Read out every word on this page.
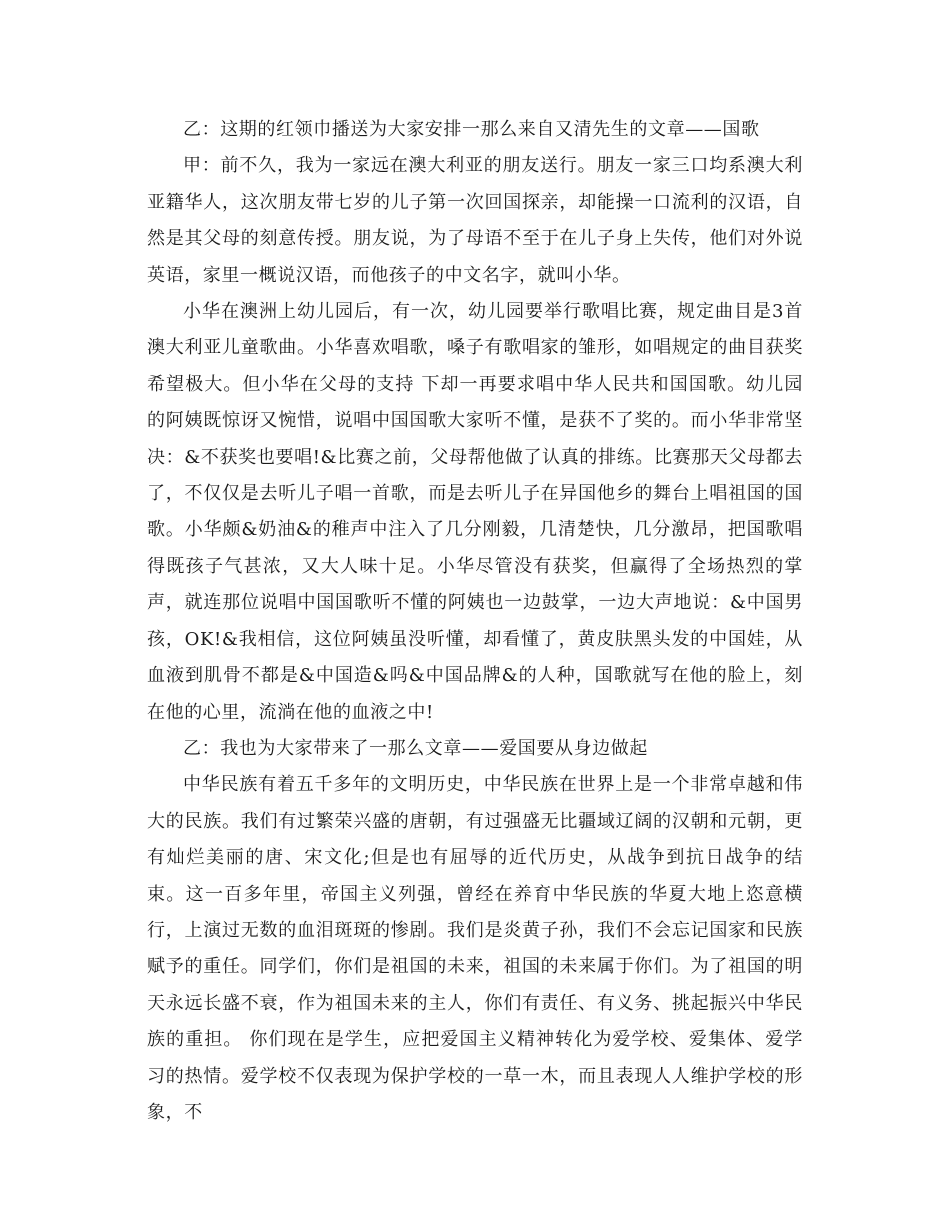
乙：这期的红领巾播送为大家安排一那么来自又清先生的文章——国歌

甲：前不久，我为一家远在澳大利亚的朋友送行。朋友一家三口均系澳大利亚籍华人，这次朋友带七岁的儿子第一次回国探亲，却能操一口流利的汉语，自然是其父母的刻意传授。朋友说，为了母语不至于在儿子身上失传，他们对外说英语，家里一概说汉语，而他孩子的中文名字，就叫小华。

小华在澳洲上幼儿园后，有一次，幼儿园要举行歌唱比赛，规定曲目是3首澳大利亚儿童歌曲。小华喜欢唱歌，嗓子有歌唱家的雏形，如唱规定的曲目获奖希望极大。但小华在父母的支持 下却一再要求唱中华人民共和国国歌。幼儿园的阿姨既惊讶又惋惜，说唱中国国歌大家听不懂，是获不了奖的。而小华非常坚决：&不获奖也要唱!&比赛之前，父母帮他做了认真的排练。比赛那天父母都去了，不仅仅是去听儿子唱一首歌，而是去听儿子在异国他乡的舞台上唱祖国的国歌。小华颇&奶油&的稚声中注入了几分刚毅，几清楚快，几分激昂，把国歌唱得既孩子气甚浓，又大人味十足。小华尽管没有获奖，但赢得了全场热烈的掌声，就连那位说唱中国国歌听不懂的阿姨也一边鼓掌，一边大声地说：&中国男孩，OK!&我相信，这位阿姨虽没听懂，却看懂了，黄皮肤黑头发的中国娃，从血液到肌骨不都是&中国造&吗&中国品牌&的人种，国歌就写在他的脸上，刻在他的心里，流淌在他的血液之中!

乙：我也为大家带来了一那么文章——爱国要从身边做起

中华民族有着五千多年的文明历史，中华民族在世界上是一个非常卓越和伟大的民族。我们有过繁荣兴盛的唐朝，有过强盛无比疆域辽阔的汉朝和元朝，更有灿烂美丽的唐、宋文化;但是也有屈辱的近代历史，从战争到抗日战争的结束。这一百多年里，帝国主义列强，曾经在养育中华民族的华夏大地上恣意横行，上演过无数的血泪斑斑的惨剧。我们是炎黄子孙，我们不会忘记国家和民族赋予的重任。同学们，你们是祖国的未来，祖国的未来属于你们。为了祖国的明天永远长盛不衰，作为祖国未来的主人，你们有责任、有义务、挑起振兴中华民族的重担。 你们现在是学生，应把爱国主义精神转化为爱学校、爱集体、爱学习的热情。爱学校不仅表现为保护学校的一草一木，而且表现人人维护学校的形象，不
